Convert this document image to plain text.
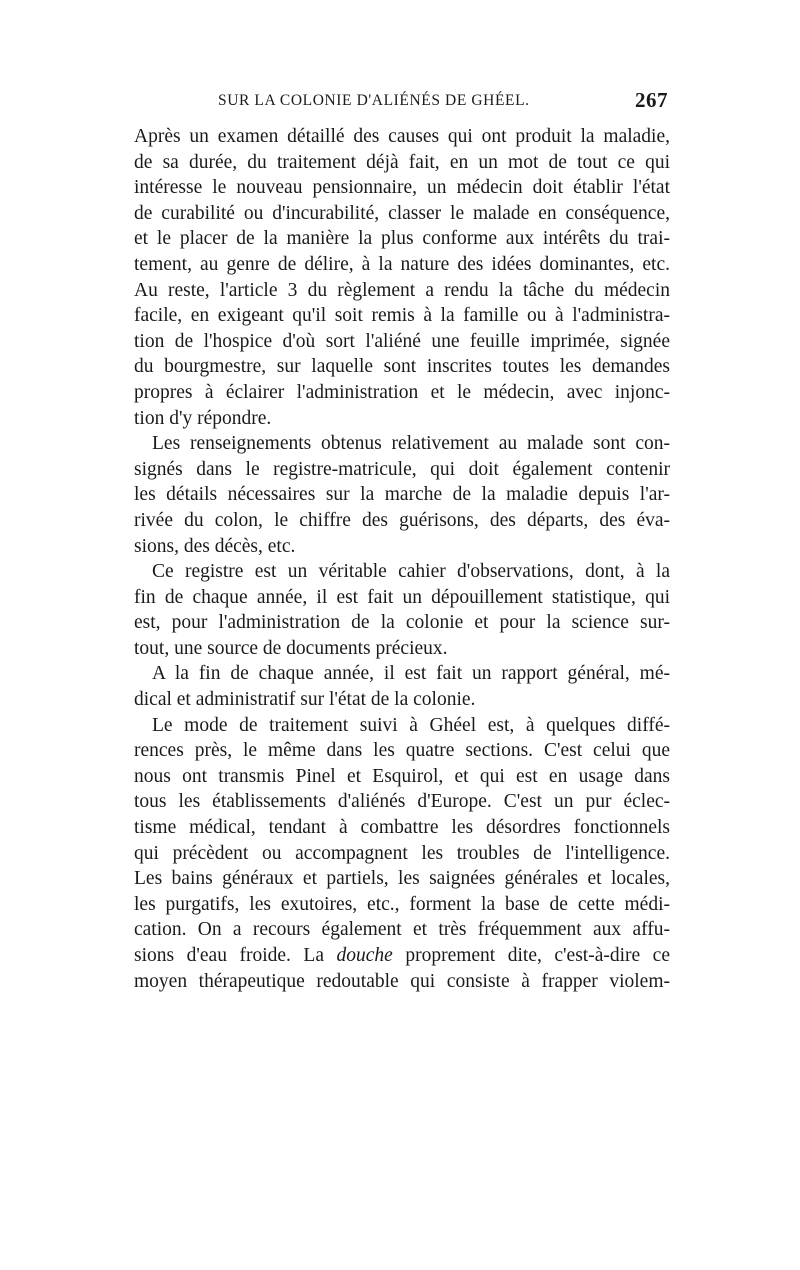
SUR LA COLONIE D'ALIÉNÉS DE GHÉEL.	267

Après un examen détaillé des causes qui ont produit la maladie,
de sa durée, du traitement déjà fait, en un mot de tout ce qui
intéresse le nouveau pensionnaire, un médecin doit établir l'état
de curabilité ou d'incurabilité, classer le malade en conséquence,
et le placer de la manière la plus conforme aux intérêts du trai-
tement, au genre de délire, à la nature des idées dominantes, etc.
Au reste, l'article 3 du règlement a rendu la tâche du médecin
facile, en exigeant qu'il soit remis à la famille ou à l'administra-
tion de l'hospice d'où sort l'aliéné une feuille imprimée, signée
du bourgmestre, sur laquelle sont inscrites toutes les demandes
propres à éclairer l'administration et le médecin, avec injonc-
tion d'y répondre.

Les renseignements obtenus relativement au malade sont con-
signés dans le registre-matricule, qui doit également contenir
les détails nécessaires sur la marche de la maladie depuis l'ar-
rivée du colon, le chiffre des guérisons, des départs, des éva-
sions, des décès, etc.

Ce registre est un véritable cahier d'observations, dont, à la
fin de chaque année, il est fait un dépouillement statistique, qui
est, pour l'administration de la colonie et pour la science sur-
tout, une source de documents précieux.

A la fin de chaque année, il est fait un rapport général, mé-
dical et administratif sur l'état de la colonie.

Le mode de traitement suivi à Ghéel est, à quelques diffé-
rences près, le même dans les quatre sections. C'est celui que
nous ont transmis Pinel et Esquirol, et qui est en usage dans
tous les établissements d'aliénés d'Europe. C'est un pur éclec-
tisme médical, tendant à combattre les désordres fonctionnels
qui précèdent ou accompagnent les troubles de l'intelligence.
Les bains généraux et partiels, les saignées générales et locales,
les purgatifs, les exutoires, etc., forment la base de cette médi-
cation. On a recours également et très fréquemment aux affu-
sions d'eau froide. La douche proprement dite, c'est-à-dire ce
moyen thérapeutique redoutable qui consiste à frapper violem-
